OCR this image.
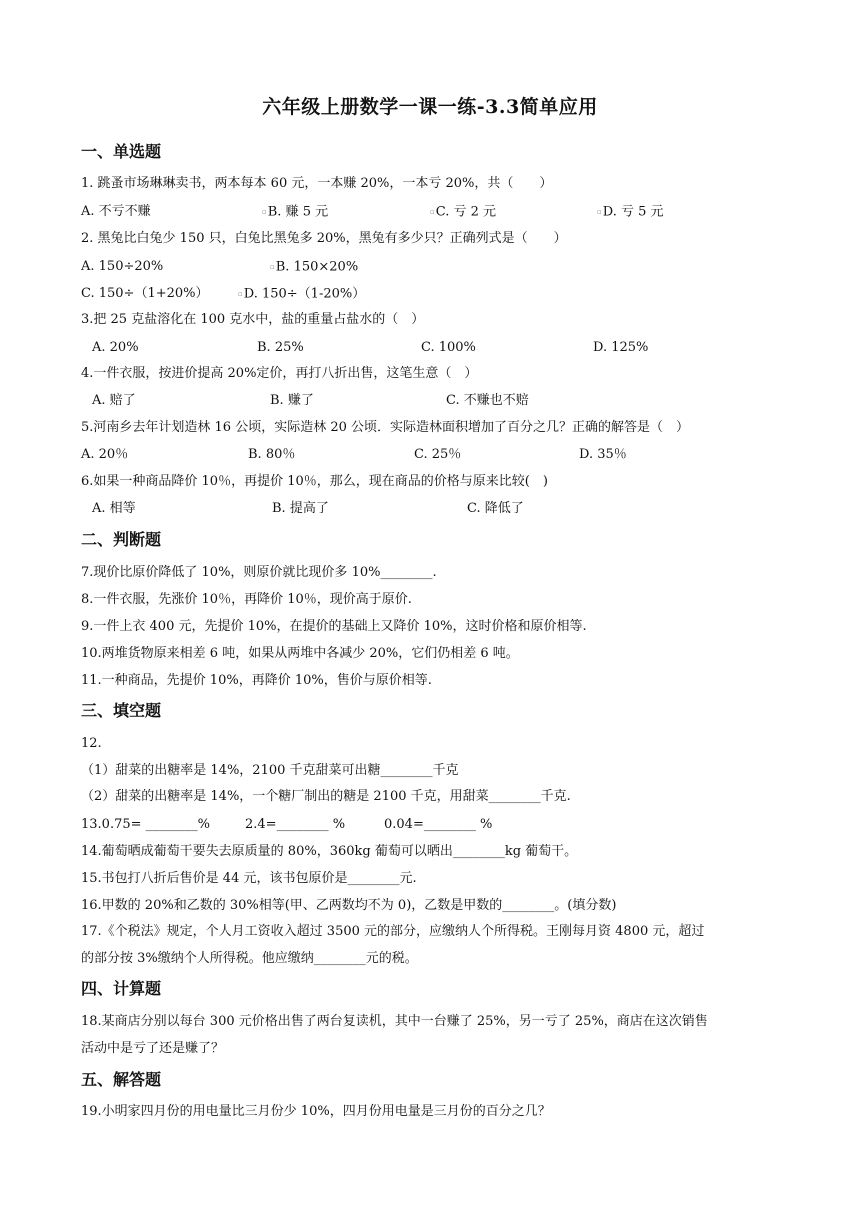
六年级上册数学一课一练-3.3简单应用
一、单选题
1. 跳蚤市场琳琳卖书，两本每本 60 元，一本赚 20%，一本亏 20%，共（　　）
A. 不亏不赚	▫B. 赚 5 元	▫C. 亏 2 元	▫D. 亏 5 元
2. 黑兔比白兔少 150 只，白兔比黑兔多 20%，黑兔有多少只？正确列式是（　　）
A. 150÷20%	▫B. 150×20%
C. 150÷（1+20%）	▫D. 150÷（1-20%）
3.把 25 克盐溶化在 100 克水中，盐的重量占盐水的（　）
A. 20%	B. 25%	C. 100%	D. 125%
4.一件衣服，按进价提高 20%定价，再打八折出售，这笔生意（　）
A. 赔了	B. 赚了	C. 不赚也不赔
5.河南乡去年计划造林 16 公顷，实际造林 20 公顷．实际造林面积增加了百分之几？正确的解答是（　）
A. 20％	B. 80％	C. 25％	D. 35％
6.如果一种商品降价 10％，再提价 10％，那么，现在商品的价格与原来比较(　)
A. 相等	B. 提高了	C. 降低了
二、判断题
7.现价比原价降低了 10%，则原价就比现价多 10%________.
8.一件衣服，先涨价 10％，再降价 10％，现价高于原价.
9.一件上衣 400 元，先提价 10%，在提价的基础上又降价 10%，这时价格和原价相等.
10.两堆货物原来相差 6 吨，如果从两堆中各减少 20%，它们仍相差 6 吨。
11.一种商品，先提价 10%，再降价 10%，售价与原价相等.
三、填空题
12.
（1）甜菜的出糖率是 14%，2100 千克甜菜可出糖________千克
（2）甜菜的出糖率是 14%，一个糖厂制出的糖是 2100 千克，用甜菜________千克.
13.0.75= ________%	2.4=________ %	0.04=________ %
14.葡萄晒成葡萄干要失去原质量的 80%，360kg 葡萄可以晒出________kg 葡萄干。
15.书包打八折后售价是 44 元，该书包原价是________元.
16.甲数的 20%和乙数的 30%相等(甲、乙两数均不为 0)，乙数是甲数的________。(填分数)
17.《个税法》规定，个人月工资收入超过 3500 元的部分，应缴纳人个所得税。王刚每月资 4800 元，超过
的部分按 3%缴纳个人所得税。他应缴纳________元的税。
四、计算题
18.某商店分别以每台 300 元价格出售了两台复读机，其中一台赚了 25%，另一亏了 25%，商店在这次销售
活动中是亏了还是赚了？
五、解答题
19.小明家四月份的用电量比三月份少 10%，四月份用电量是三月份的百分之几？
